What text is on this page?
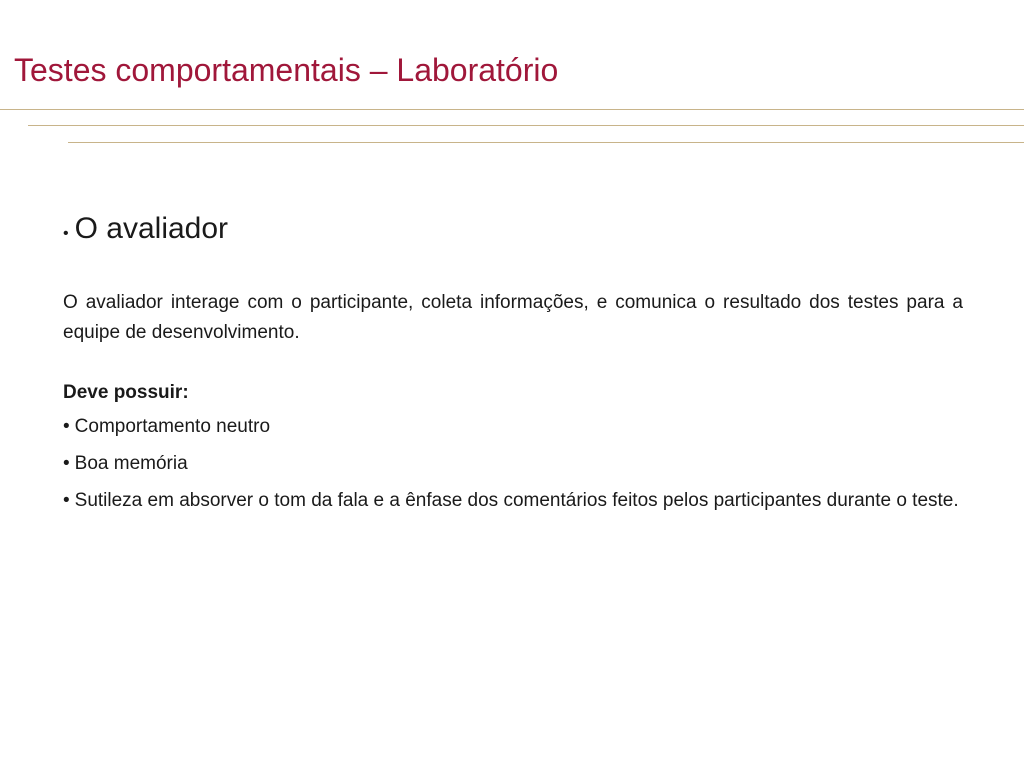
Testes comportamentais – Laboratório
• O avaliador

O avaliador interage com o participante, coleta informações, e comunica o resultado dos testes para a equipe de desenvolvimento.

Deve possuir:

• Comportamento neutro
• Boa memória
• Sutileza em absorver o tom da fala e a ênfase dos comentários feitos pelos participantes durante o teste.
